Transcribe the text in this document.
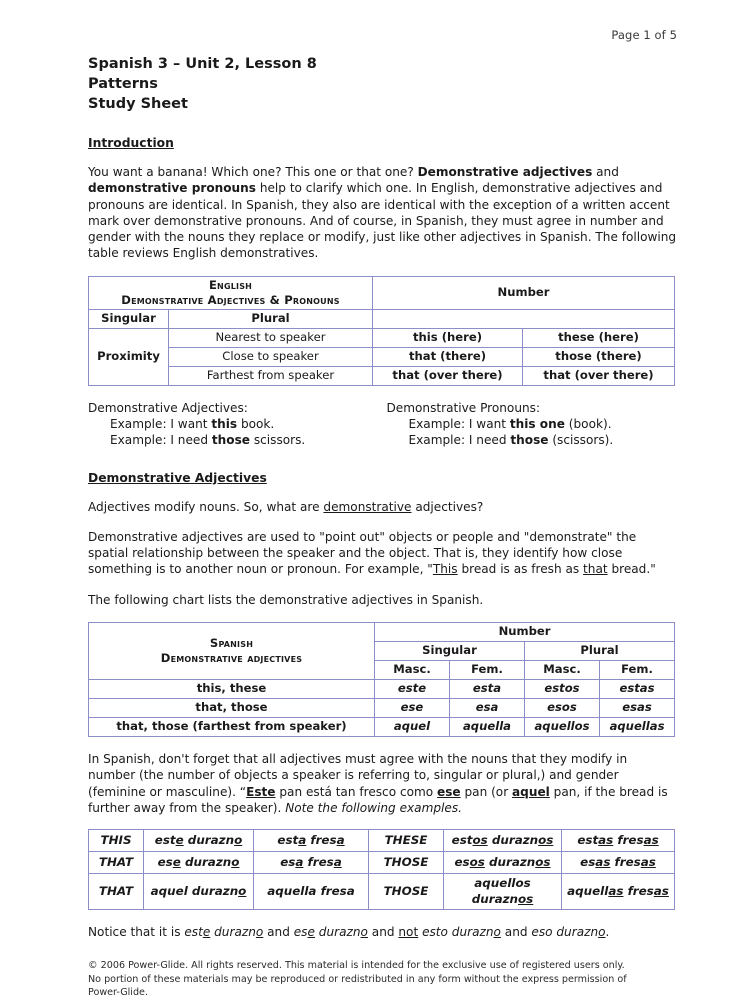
Page 1 of 5
Spanish 3 – Unit 2, Lesson 8
Patterns
Study Sheet
Introduction

You want a banana! Which one? This one or that one? Demonstrative adjectives and demonstrative pronouns help to clarify which one. In English, demonstrative adjectives and pronouns are identical. In Spanish, they also are identical with the exception of a written accent mark over demonstrative pronouns. And of course, in Spanish, they must agree in number and gender with the nouns they replace or modify, just like other adjectives in Spanish. The following table reviews English demonstratives.

English
Demonstrative Adjectives & Pronouns		Number	
Singular	Plural		
Proximity	Nearest to speaker	this (here)	these (here)
	Close to speaker	that (there)	those (there)
	Farthest from speaker	that (over there)	that (over there)
Demonstrative Adjectives:
Example: I want this book.
Example: I need those scissors.
Demonstrative Pronouns:
Example: I want this one (book).
Example: I need those (scissors).
Demonstrative Adjectives

Adjectives modify nouns. So, what are demonstrative adjectives?

Demonstrative adjectives are used to "point out" objects or people and "demonstrate" the spatial relationship between the speaker and the object. That is, they identify how close something is to another noun or pronoun. For example, "This bread is as fresh as that bread."

The following chart lists the demonstrative adjectives in Spanish.

Spanish
Demonstrative adjectives	Number			
	Singular		Plural	
	Masc.	Fem.	Masc.	Fem.
this, these	este	esta	estos	estas
that, those	ese	esa	esos	esas
that, those (farthest from speaker)	aquel	aquella	aquellos	aquellas

In Spanish, don't forget that all adjectives must agree with the nouns that they modify in number (the number of objects a speaker is referring to, singular or plural,) and gender (feminine or masculine). “Este pan está tan fresco como ese pan (or aquel pan, if the bread is further away from the speaker). Note the following examples.

THIS	este durazno	esta fresa	THESE	estos duraznos	estas fresas
THAT	ese durazno	esa fresa	THOSE	esos duraznos	esas fresas
THAT	aquel durazno	aquella fresa	THOSE	aquellos duraznos	aquellas fresas
Notice that it is este durazno and ese durazno and not esto durazno and eso durazno.
© 2006 Power-Glide. All rights reserved. This material is intended for the exclusive use of registered users only.
No portion of these materials may be reproduced or redistributed in any form without the express permission of
Power-Glide.
